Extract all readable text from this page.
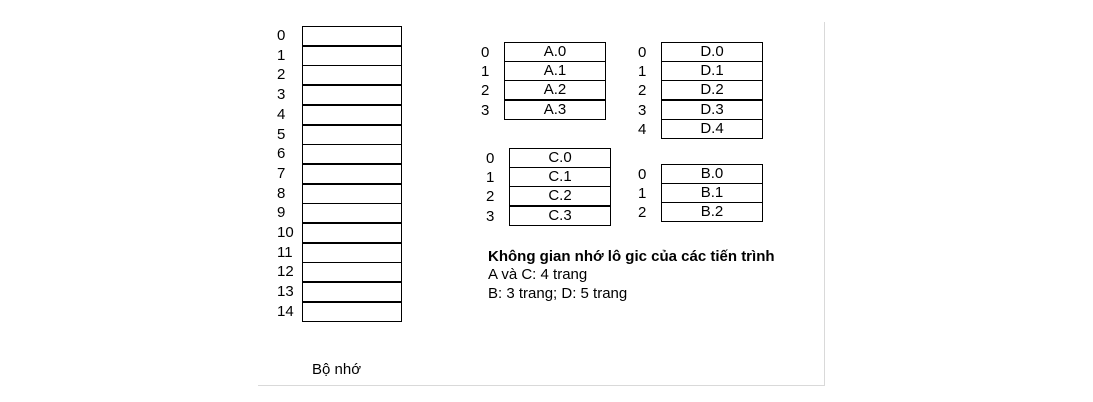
0
1
2
3
4
5
6
7
8
9
10
11
12
13
14
0	A.0
1	A.1
2	A.2
3	A.3
0	D.0
1	D.1
2	D.2
3	D.3
4	D.4
0	C.0
1	C.1
2	C.2
3	C.3
0	B.0
1	B.1
2	B.2
Không gian nhớ lô gic của các tiến trình
A và C: 4 trang
B: 3 trang; D: 5 trang
Bộ nhớ
